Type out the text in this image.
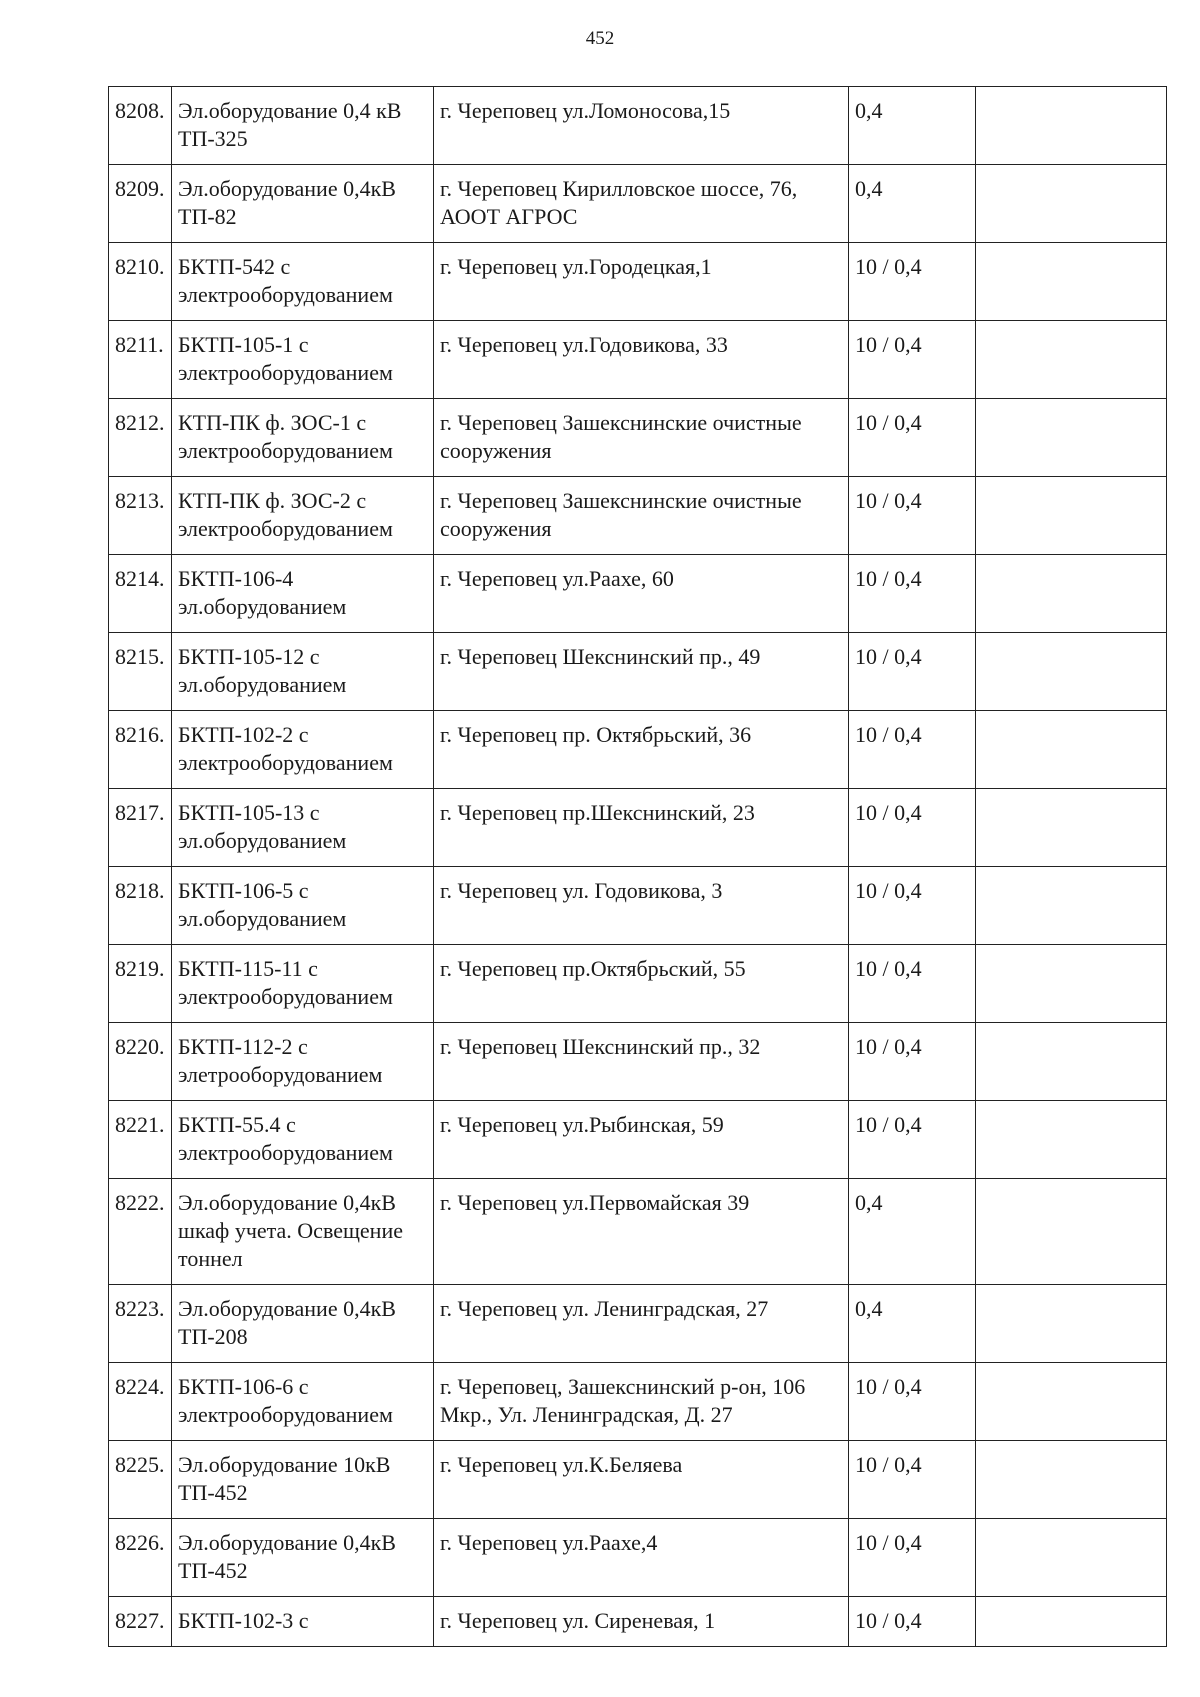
452
8208.	Эл.оборудование 0,4 кВ ТП-325	г. Череповец ул.Ломоносова,15	0,4	
8209.	Эл.оборудование 0,4кВ ТП-82	г. Череповец Кирилловское шоссе, 76, АООТ АГРОС	0,4	
8210.	БКТП-542 с электрооборудованием	г. Череповец ул.Городецкая,1	10 / 0,4	
8211.	БКТП-105-1 с электрооборудованием	г. Череповец ул.Годовикова, 33	10 / 0,4	
8212.	КТП-ПК ф. ЗОС-1 с электрооборудованием	г. Череповец Зашекснинские очистные сооружения	10 / 0,4	
8213.	КТП-ПК ф. ЗОС-2 с электрооборудованием	г. Череповец Зашекснинские очистные сооружения	10 / 0,4	
8214.	БКТП-106-4 эл.оборудованием	г. Череповец ул.Раахе, 60	10 / 0,4	
8215.	БКТП-105-12 с эл.оборудованием	г. Череповец Шекснинский пр., 49	10 / 0,4	
8216.	БКТП-102-2 с электрооборудованием	г. Череповец пр. Октябрьский, 36	10 / 0,4	
8217.	БКТП-105-13 с эл.оборудованием	г. Череповец пр.Шекснинский, 23	10 / 0,4	
8218.	БКТП-106-5 с эл.оборудованием	г. Череповец ул. Годовикова, 3	10 / 0,4	
8219.	БКТП-115-11 с электрооборудованием	г. Череповец пр.Октябрьский, 55	10 / 0,4	
8220.	БКТП-112-2 с элетрооборудованием	г. Череповец Шекснинский пр., 32	10 / 0,4	
8221.	БКТП-55.4 с электрооборудованием	г. Череповец ул.Рыбинская, 59	10 / 0,4	
8222.	Эл.оборудование 0,4кВ шкаф учета. Освещение тоннел	г. Череповец ул.Первомайская 39	0,4	
8223.	Эл.оборудование 0,4кВ ТП-208	г. Череповец ул. Ленинградская, 27	0,4	
8224.	БКТП-106-6 с электрооборудованием	г. Череповец, Зашекснинский р-он, 106 Мкр., Ул. Ленинградская, Д. 27	10 / 0,4	
8225.	Эл.оборудование 10кВ ТП-452	г. Череповец ул.К.Беляева	10 / 0,4	
8226.	Эл.оборудование 0,4кВ ТП-452	г. Череповец ул.Раахе,4	10 / 0,4	
8227.	БКТП-102-3 с	г. Череповец ул. Сиреневая, 1	10 / 0,4	
